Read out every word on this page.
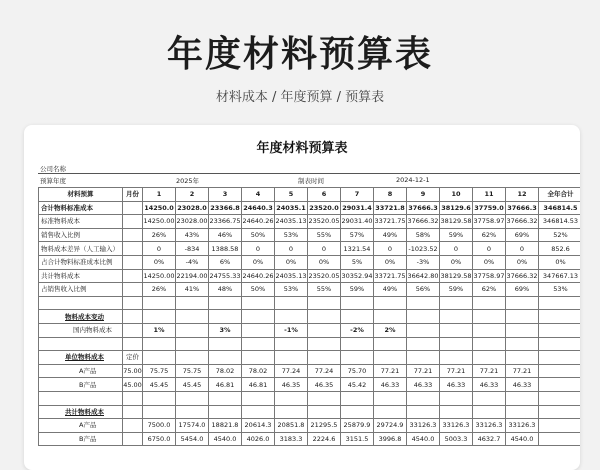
年度材料预算表
材料成本 / 年度预算 / 预算表
年度材料预算表
公司名称
预算年度	2025年	制表时间	2024-12-1
材料预算	月份	1	2	3	4	5	6	7	8	9	10	11	12	全年合计
合计物料标准成本		14250.0	23028.0	23366.8	24640.3	24035.1	23520.0	29031.4	33721.8	37666.3	38129.6	37759.0	37666.3	346814.5
标准物料成本		14250.00	23028.00	23366.75	24640.26	24035.13	23520.05	29031.40	33721.75	37666.32	38129.58	37758.97	37666.32	346814.53
销售收入比例		26%	43%	46%	50%	53%	55%	57%	49%	58%	59%	62%	69%	52%
物料成本差异（人工输入）		0	-834	1388.58	0	0	0	1321.54	0	-1023.52	0	0	0	852.6
占合计物料标准成本比例		0%	-4%	6%	0%	0%	0%	5%	0%	-3%	0%	0%	0%	0%
共计物料成本		14250.00	22194.00	24755.33	24640.26	24035.13	23520.05	30352.94	33721.75	36642.80	38129.58	37758.97	37666.32	347667.13
占销售收入比例		26%	41%	48%	50%	53%	55%	59%	49%	56%	59%	62%	69%	53%

物料成本变动														
国内物料成本		1%		3%		-1%		-2%	2%					

单位物料成本	定价													
A产品	75.00	75.75	75.75	78.02	78.02	77.24	77.24	75.70	77.21	77.21	77.21	77.21	77.21	
B产品	45.00	45.45	45.45	46.81	46.81	46.35	46.35	45.42	46.33	46.33	46.33	46.33	46.33	

共计物料成本														
A产品		7500.0	17574.0	18821.8	20614.3	20851.8	21295.5	25879.9	29724.9	33126.3	33126.3	33126.3	33126.3	
B产品		6750.0	5454.0	4540.0	4026.0	3183.3	2224.6	3151.5	3996.8	4540.0	5003.3	4632.7	4540.0	
